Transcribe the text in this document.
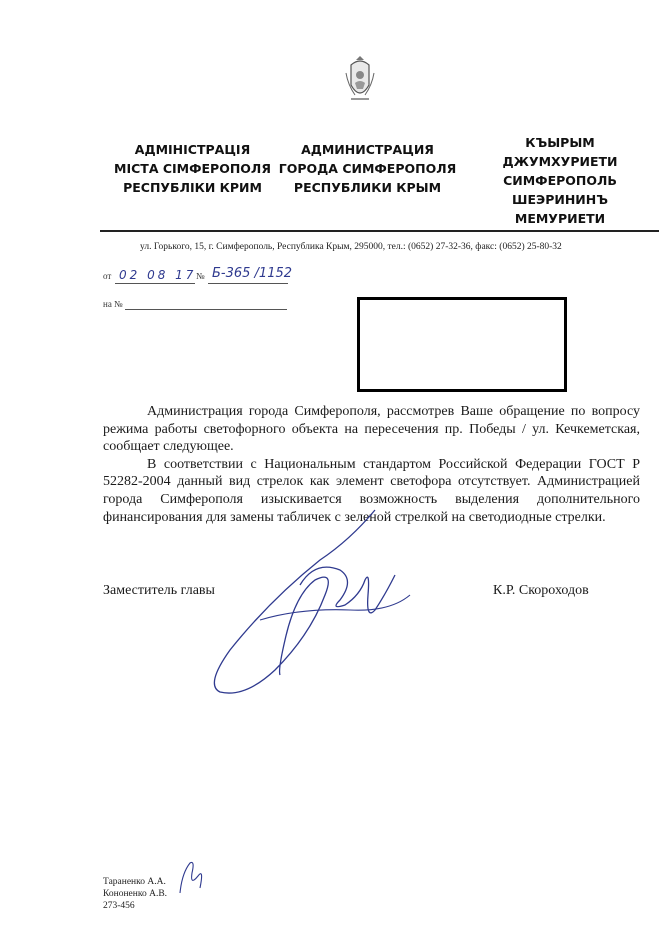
АДМІНІСТРАЦІЯ
МІСТА СІМФЕРОПОЛЯ
РЕСПУБЛІКИ КРИМ
АДМИНИСТРАЦИЯ
ГОРОДА СИМФЕРОПОЛЯ
РЕСПУБЛИКИ КРЫМ
КЪЫРЫМ
ДЖУМХУРИЕТИ
СИМФЕРОПОЛЬ
ШЕЭРИНИНЪ
МЕМУРИЕТИ
ул. Горького, 15, г. Симферополь, Республика Крым, 295000, тел.: (0652) 27-32-36, факс: (0652) 25-80-32
от 02 08 17 № Б-365 /1152
на №

Администрация города Симферополя, рассмотрев Ваше обращение по вопросу режима работы светофорного объекта на пересечения пр. Победы / ул. Кечкеметская, сообщает следующее.

В соответствии с Национальным стандартом Российской Федерации ГОСТ Р 52282-2004 данный вид стрелок как элемент светофора отсутствует. Администрацией города Симферополя изыскивается возможность выделения дополнительного финансирования для замены табличек с зеленой стрелкой на светодиодные стрелки.

Заместитель главы	К.Р. Скороходов
Тараненко А.А.
Кононенко А.В.
273-456
